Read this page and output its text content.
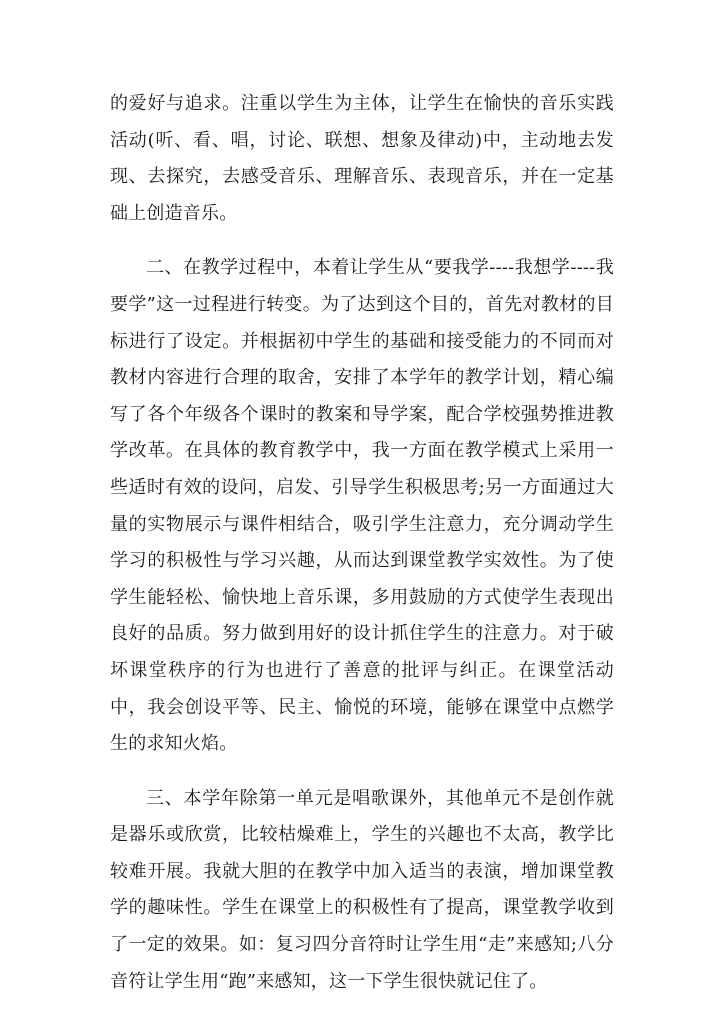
的爱好与追求。注重以学生为主体，让学生在愉快的音乐实践活动(听、看、唱，讨论、联想、想象及律动)中，主动地去发现、去探究，去感受音乐、理解音乐、表现音乐，并在一定基础上创造音乐。

二、在教学过程中，本着让学生从“要我学----我想学----我要学”这一过程进行转变。为了达到这个目的，首先对教材的目标进行了设定。并根据初中学生的基础和接受能力的不同而对教材内容进行合理的取舍，安排了本学年的教学计划，精心编写了各个年级各个课时的教案和导学案，配合学校强势推进教学改革。在具体的教育教学中，我一方面在教学模式上采用一些适时有效的设问，启发、引导学生积极思考;另一方面通过大量的实物展示与课件相结合，吸引学生注意力，充分调动学生学习的积极性与学习兴趣，从而达到课堂教学实效性。为了使学生能轻松、愉快地上音乐课，多用鼓励的方式使学生表现出良好的品质。努力做到用好的设计抓住学生的注意力。对于破坏课堂秩序的行为也进行了善意的批评与纠正。在课堂活动中，我会创设平等、民主、愉悦的环境，能够在课堂中点燃学生的求知火焰。

三、本学年除第一单元是唱歌课外，其他单元不是创作就是器乐或欣赏，比较枯燥难上，学生的兴趣也不太高，教学比较难开展。我就大胆的在教学中加入适当的表演，增加课堂教学的趣味性。学生在课堂上的积极性有了提高，课堂教学收到了一定的效果。如：复习四分音符时让学生用“走”来感知;八分音符让学生用“跑”来感知，这一下学生很快就记住了。
